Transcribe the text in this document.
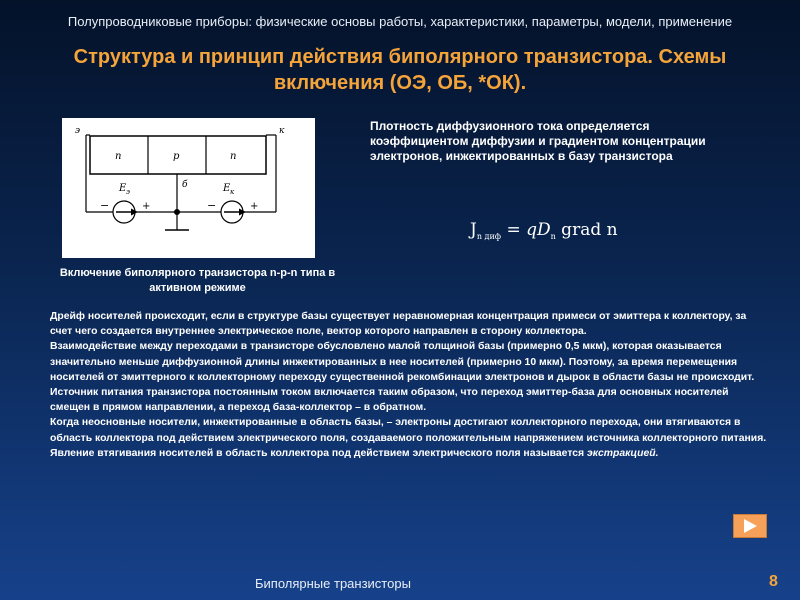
Полупроводниковые приборы: физические основы работы, характеристики, параметры, модели, применение
Структура и принцип действия биполярного транзистора. Схемы включения (ОЭ, ОБ, *ОК).
э	к
n	p	n
E э
б	E к
−	+	−	+
Включение биполярного транзистора n-p-n типа в активном режиме
Плотность диффузионного тока определяется коэффициентом диффузии и градиентом концентрации электронов, инжектированных в базу транзистора
$J_{n диф} = qD_n$ grad n

Дрейф носителей происходит, если в структуре базы существует неравномерная концентрация примеси от эмиттера к коллектору, за счет чего создается внутреннее электрическое поле, вектор которого направлен в сторону коллектора.

Взаимодействие между переходами в транзисторе обусловлено малой толщиной базы (примерно 0,5 мкм), которая оказывается значительно меньше диффузионной длины инжектированных в нее носителей (примерно 10 мкм). Поэтому, за время перемещения носителей от эмиттерного к коллекторному переходу существенной рекомбинации электронов и дырок в области базы не происходит.

Источник питания транзистора постоянным током включается таким образом, что переход эмиттер-база для основных носителей смещен в прямом направлении, а переход база-коллектор – в обратном.

Когда неосновные носители, инжектированные в область базы, – электроны достигают коллекторного перехода, они втягиваются в область коллектора под действием электрического поля, создаваемого положительным напряжением источника коллекторного питания. Явление втягивания носителей в область коллектора под действием электрического поля называется экстракцией.

Биполярные транзисторы	8
